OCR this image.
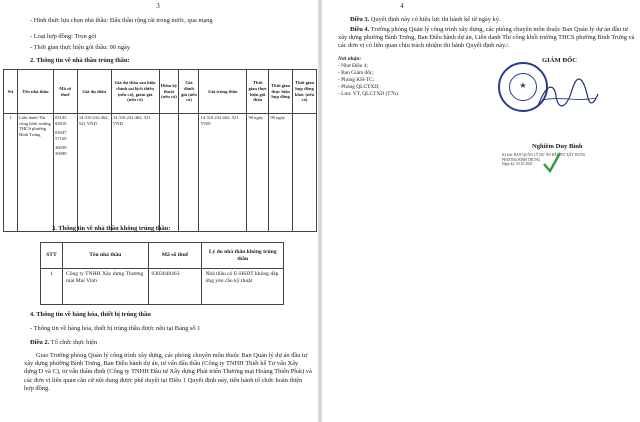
3
- Hình thức lựa chọn nhà thầu: Đấu thầu rộng rãi trong nước, qua mạng
- Loại hợp đồng: Trọn gói
- Thời gian thực hiện gói thầu: 90 ngày
2. Thông tin về nhà thầu trúng thầu:
Stt	Tên nhà thầu	Mã số thuế	Giá dự thầu	Giá dự thầu sau hiệu chỉnh sai lệch thiếu (nếu có), giảm giá (nếu có)	Điểm kỹ thuật (nếu có)	Giá đánh giá (nếu có)	Giá trúng thầu	Thời gian thực hiện gói thầu	Thời gian thực hiện hợp đồng	Thời gian hợp đồng khóc (nếu có)
1	Liên danh Thi công khối trường THCS phường Bình Trưng	03145 83810
03047 57169
36039 30089	14.310.232.462, 521 VND	14.310.232.462, 521 VND			14.310.232.462, 521 VND	90 ngày	90 ngày	
3. Thông tin về nhà thầu không trúng thầu:
STT	Tên nhà thầu	Mã số thuế	Lý do nhà thầu không trúng thầu
1	Công ty TNHH Xây dựng Thương mại Mai Vinh	0303648463	Nhà thầu có E-HSDT không đáp ứng yêu cầu kỹ thuật
4. Thông tin về hàng hóa, thiết bị trúng thầu
- Thông tin về hàng hóa, thiết bị trúng thầu được nêu tại Bảng số 1
Điều 2. Tổ chức thực hiện
Giao Trưởng phòng Quản lý công trình xây dựng, các phòng chuyên môn thuộc Ban Quản lý dự án đầu tư xây dựng phường Bình Trưng, Ban Điều hành dự án, tư vấn đấu thầu (Công ty TNHH Thiết kế Tư vấn Xây dựng D và C), tư vấn thẩm định (Công ty TNHH Đầu tư Xây dựng Phát triển Thương mại Hoàng Thiên Phát) và các đơn vị liên quan căn cứ nội dung được phê duyệt tại Điều 1 Quyết định này, tiến hành tổ chức hoàn thiện hợp đồng.
4
Điều 3. Quyết định này có hiệu lực thi hành kể từ ngày ký.
Điều 4. Trưởng phòng Quản lý công trình xây dựng, các phòng chuyên môn thuộc Ban Quản lý dự án đầu tư xây dựng phường Bình Trưng, Ban Điều hành dự án, Liên danh Thi công khối trường THCS phường Bình Trưng và các đơn vị có liên quan chịu trách nhiệm thi hành Quyết định này./.
Nơi nhận:
- Như Điều 4;
- Ban Giám đốc;
- Phòng KH-TC;
- Phòng QLCTXD;
- Lưu: VT, QLCTXD (T7b).
GIÁM ĐỐC
★
Nghiêm Duy Bình
Ký bởi: BAN QUẢN LÝ DỰ ÁN ĐẦU TƯ XÂY DỰNG
PHƯỜNG BÌNH TRƯNG
Ngày ký: 03.10.2025
